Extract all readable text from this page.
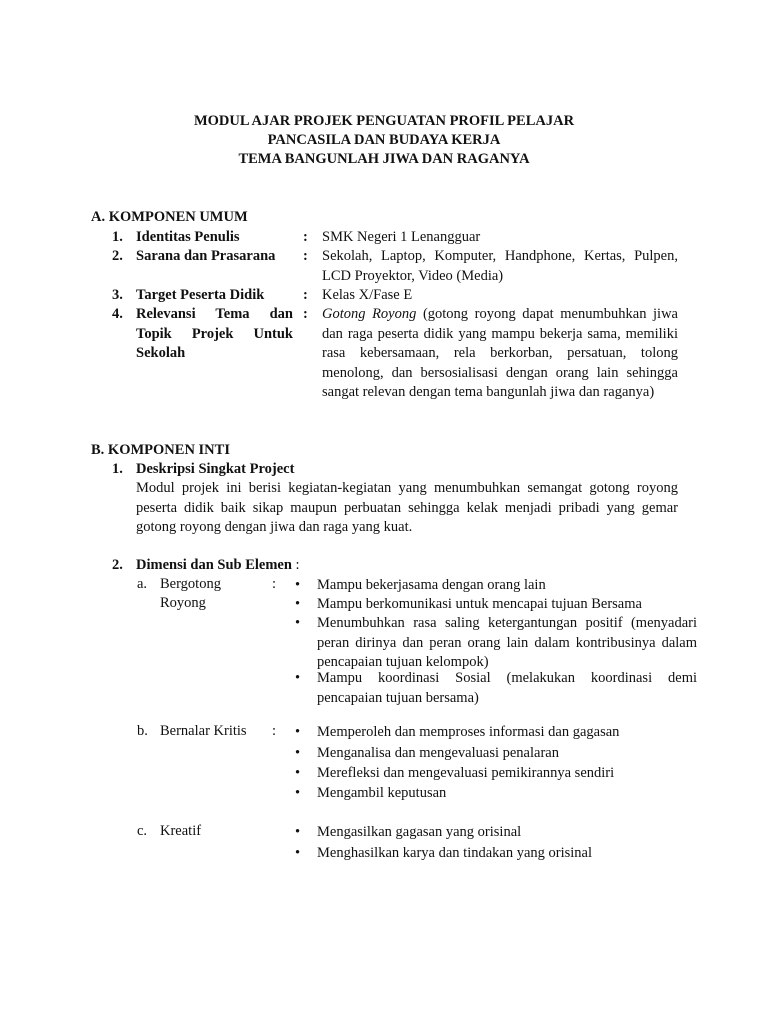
MODUL AJAR PROJEK PENGUATAN PROFIL PELAJAR
PANCASILA DAN BUDAYA KERJA
TEMA BANGUNLAH JIWA DAN RAGANYA
A. KOMPONEN UMUM
1. Identitas Penulis	: SMK Negeri 1 Lenangguar
2. Sarana dan Prasarana : Sekolah, Laptop, Komputer, Handphone, Kertas, Pulpen, LCD Proyektor, Video (Media)
3. Target Peserta Didik	: Kelas X/Fase E
4. Relevansi Tema dan Topik Projek Untuk Sekolah
: Gotong Royong (gotong royong dapat menumbuhkan jiwa dan raga peserta didik yang mampu bekerja sama, memiliki rasa kebersamaan, rela berkorban, persatuan, tolong menolong, dan bersosialisasi dengan orang lain sehingga sangat relevan dengan tema bangunlah jiwa dan raganya)
B. KOMPONEN INTI
1. Deskripsi Singkat Project
Modul projek ini berisi kegiatan-kegiatan yang menumbuhkan semangat gotong royong peserta didik baik sikap maupun perbuatan sehingga kelak menjadi pribadi yang gemar gotong royong dengan jiwa dan raga yang kuat.
2. Dimensi dan Sub Elemen :
a. Bergotong
Royong
: •	Mampu bekerjasama dengan orang lain
•
Mampu berkomunikasi untuk mencapai tujuan Bersama
•
Menumbuhkan rasa saling ketergantungan positif (menyadari peran dirinya dan peran orang lain dalam kontribusinya dalam pencapaian tujuan kelompok)
•
Mampu koordinasi Sosial (melakukan koordinasi demi pencapaian tujuan bersama)
b. Bernalar Kritis : •	Memperoleh dan memproses informasi dan gagasan
•
Menganalisa dan mengevaluasi penalaran
•
Merefleksi dan mengevaluasi pemikirannya sendiri
•
Mengambil keputusan
c. Kreatif •	Mengasilkan gagasan yang orisinal
•
Menghasilkan karya dan tindakan yang orisinal
